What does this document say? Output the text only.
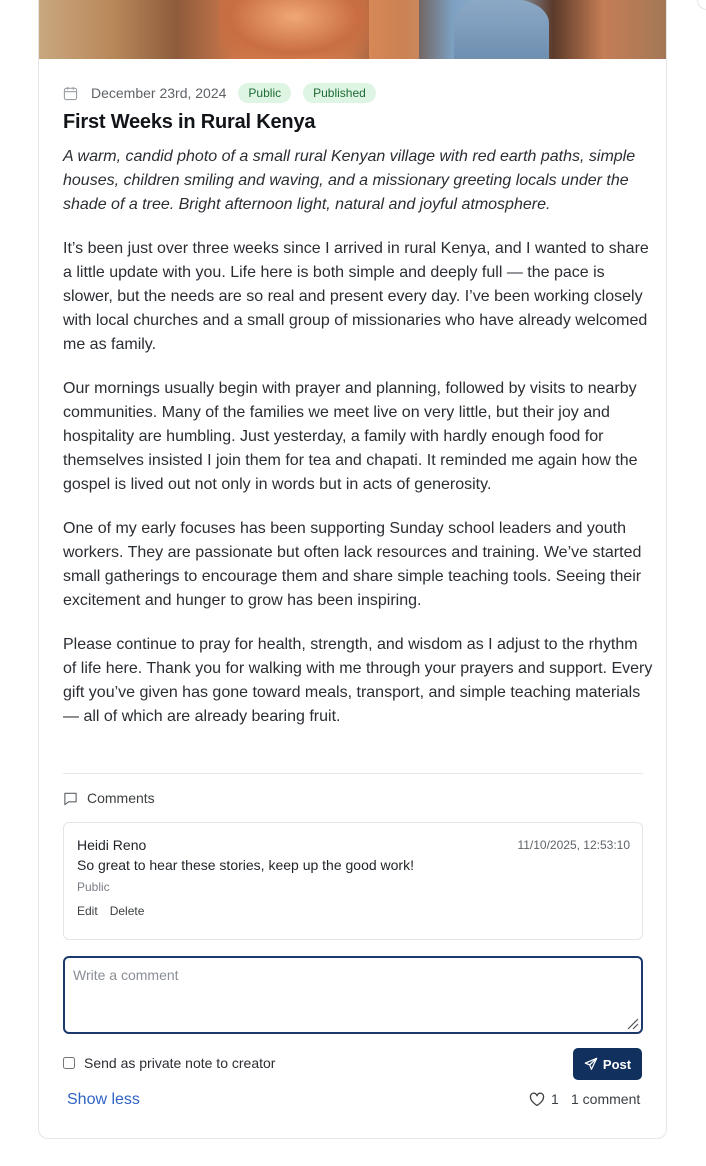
December 23rd, 2024	Public	Published
First Weeks in Rural Kenya

A warm, candid photo of a small rural Kenyan village with red earth paths, simple houses, children smiling and waving, and a missionary greeting locals under the shade of a tree. Bright afternoon light, natural and joyful atmosphere.

It’s been just over three weeks since I arrived in rural Kenya, and I wanted to share a little update with you. Life here is both simple and deeply full — the pace is slower, but the needs are so real and present every day. I’ve been working closely with local churches and a small group of missionaries who have already welcomed me as family.

Our mornings usually begin with prayer and planning, followed by visits to nearby communities. Many of the families we meet live on very little, but their joy and hospitality are humbling. Just yesterday, a family with hardly enough food for themselves insisted I join them for tea and chapati. It reminded me again how the gospel is lived out not only in words but in acts of generosity.

One of my early focuses has been supporting Sunday school leaders and youth workers. They are passionate but often lack resources and training. We’ve started small gatherings to encourage them and share simple teaching tools. Seeing their excitement and hunger to grow has been inspiring.

Please continue to pray for health, strength, and wisdom as I adjust to the rhythm of life here. Thank you for walking with me through your prayers and support. Every gift you’ve given has gone toward meals, transport, and simple teaching materials — all of which are already bearing fruit.

Comments
Heidi Reno	11/10/2025, 12:53:10
So great to hear these stories, keep up the good work!
Public
Edit Delete
Write a comment
Send as private note to creator	Post
Show less	1 1 comment
